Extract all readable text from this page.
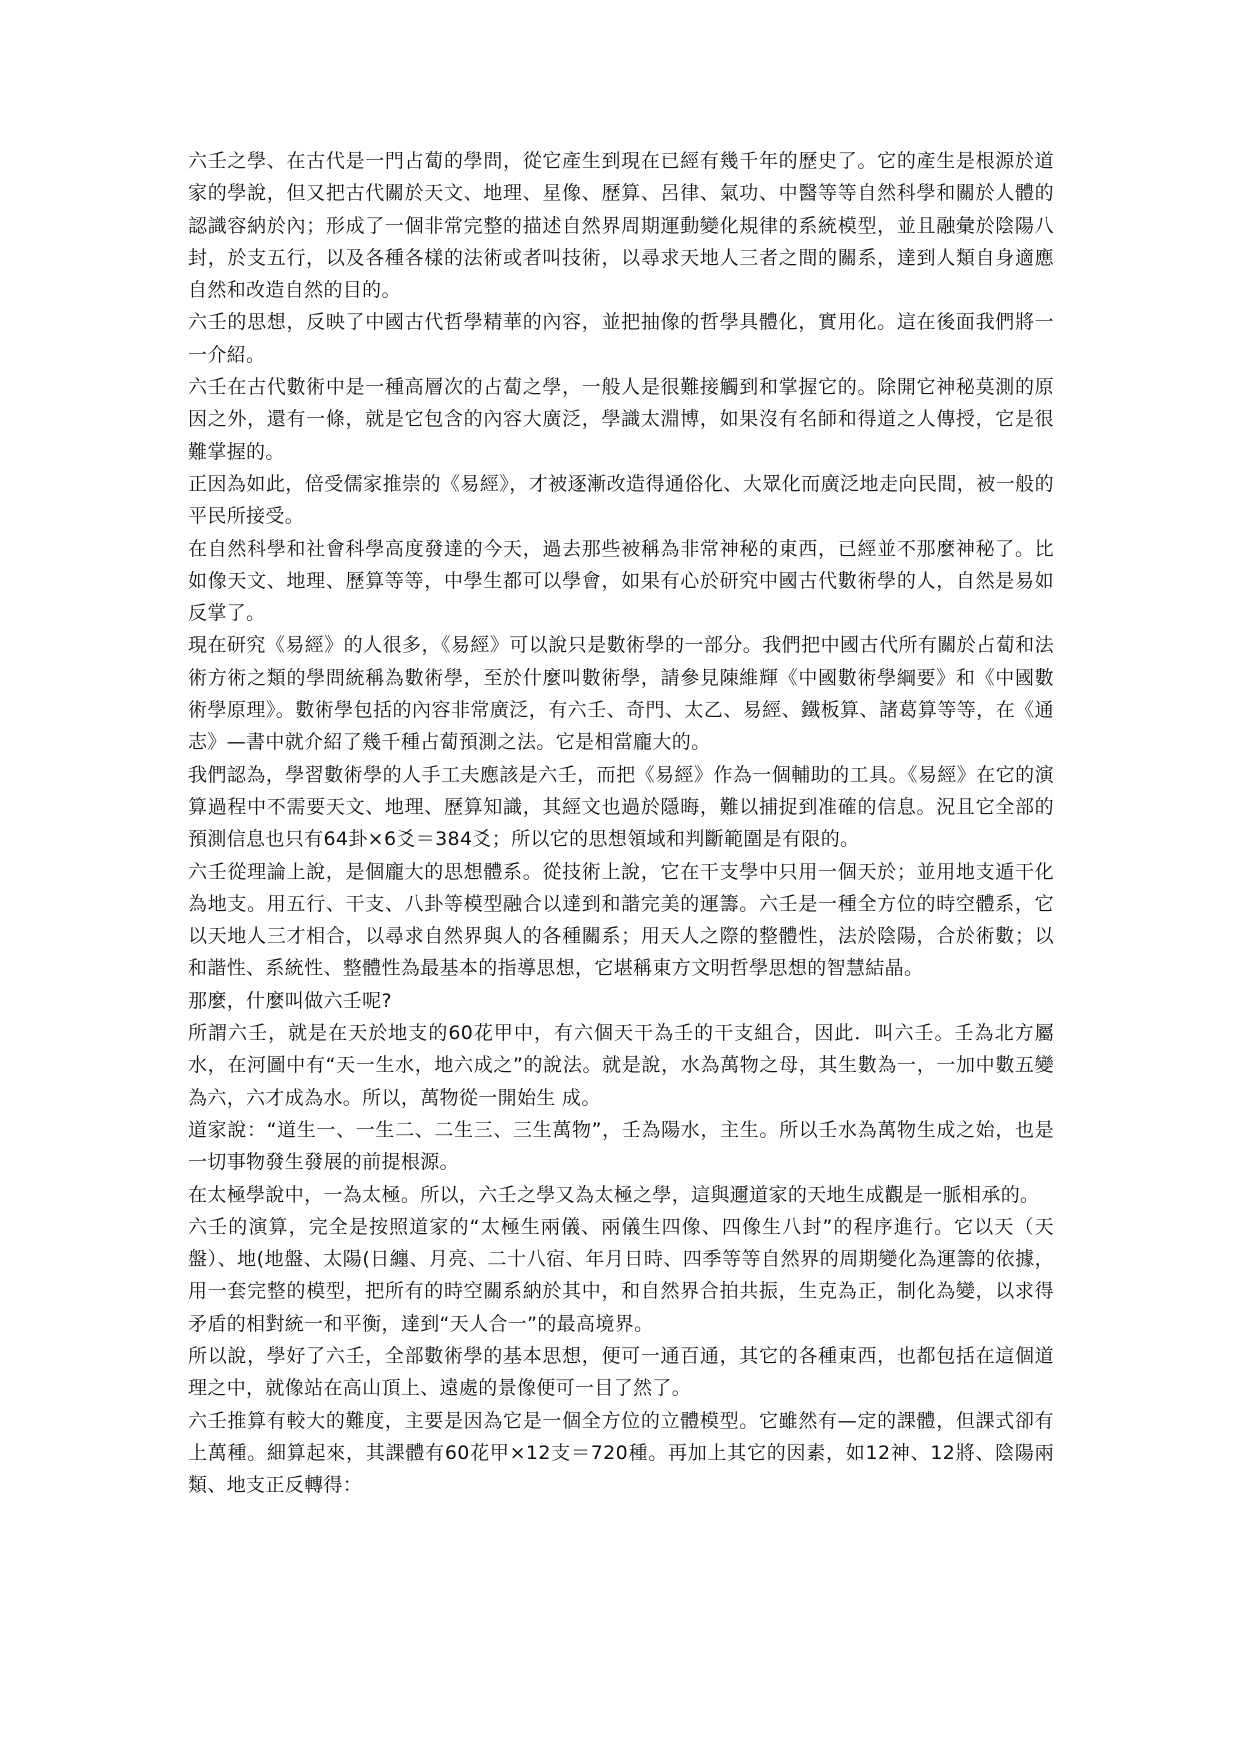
六壬之學、在古代是一門占蔔的學問，從它產生到現在已經有幾千年的歷史了。它的產生是根源於道家的學說，但又把古代關於天文、地理、星像、歷算、呂律、氣功、中醫等等自然科學和關於人體的認識容納於內；形成了一個非常完整的描述自然界周期運動變化規律的系統模型，並且融彙於陰陽八封，於支五行，以及各種各樣的法術或者叫技術，以尋求天地人三者之間的關系，達到人類自身適應自然和改造自然的目的。

六壬的思想，反映了中國古代哲學精華的內容，並把抽像的哲學具體化，實用化。這在後面我們將一一介紹。

六壬在古代數術中是一種高層次的占蔔之學，一般人是很難接觸到和掌握它的。除開它神秘莫測的原因之外，還有一條，就是它包含的內容大廣泛，學識太淵博，如果沒有名師和得道之人傳授，它是很難掌握的。

正因為如此，倍受儒家推崇的《易經》，才被逐漸改造得通俗化、大眾化而廣泛地走向民間，被一般的平民所接受。

在自然科學和社會科學高度發達的今天，過去那些被稱為非常神秘的東西，已經並不那麼神秘了。比如像天文、地理、歷算等等，中學生都可以學會，如果有心於研究中國古代數術學的人，自然是易如反掌了。

現在研究《易經》的人很多，《易經》可以說只是數術學的一部分。我們把中國古代所有關於占蔔和法術方術之類的學問統稱為數術學，至於什麼叫數術學，請參見陳維輝《中國數術學綱要》和《中國數術學原理》。數術學包括的內容非常廣泛，有六壬、奇門、太乙、易經、鐵板算、諸葛算等等，在《通志》—書中就介紹了幾千種占蔔預測之法。它是相當龐大的。

我們認為，學習數術學的人手工夫應該是六壬，而把《易經》作為一個輔助的工具。《易經》在它的演算過程中不需要天文、地理、歷算知識，其經文也過於隱晦，難以捕捉到准確的信息。況且它全部的預測信息也只有64卦×6爻＝384爻；所以它的思想領域和判斷範圍是有限的。

六壬從理論上說，是個龐大的思想體系。從技術上說，它在干支學中只用一個天於；並用地支遁干化為地支。用五行、干支、八卦等模型融合以達到和諧完美的運籌。六壬是一種全方位的時空體系，它以天地人三才相合，以尋求自然界與人的各種關系；用天人之際的整體性，法於陰陽，合於術數；以和諧性、系統性、整體性為最基本的指導思想，它堪稱東方文明哲學思想的智慧結晶。

那麼，什麼叫做六壬呢?

所謂六壬，就是在天於地支的60花甲中，有六個天干為壬的干支組合，因此．叫六壬。壬為北方屬水，在河圖中有“天一生水，地六成之”的說法。就是說，水為萬物之母，其生數為一，一加中數五變為六，六才成為水。所以，萬物從一開始生 成。

道家說：“道生一、一生二、二生三、三生萬物”，壬為陽水，主生。所以壬水為萬物生成之始，也是一切事物發生發展的前提根源。

在太極學說中，一為太極。所以，六壬之學又為太極之學，這與邇道家的天地生成觀是一脈相承的。

六壬的演算，完全是按照道家的“太極生兩儀、兩儀生四像、四像生八封”的程序進行。它以天（天盤）、地(地盤、太陽(日纏、月亮、二十八宿、年月日時、四季等等自然界的周期變化為運籌的依據，用一套完整的模型，把所有的時空關系納於其中，和自然界合拍共振，生克為正，制化為變，以求得矛盾的相對統一和平衡，達到“天人合一”的最高境界。

所以說，學好了六壬，全部數術學的基本思想，便可一通百通，其它的各種東西，也都包括在這個道理之中，就像站在高山頂上、遠處的景像便可一目了然了。

六壬推算有較大的難度，主要是因為它是一個全方位的立體模型。它雖然有—定的課體，但課式卻有上萬種。細算起來，其課體有60花甲×12支＝720種。再加上其它的因素，如12神、12將、陰陽兩類、地支正反轉得：
